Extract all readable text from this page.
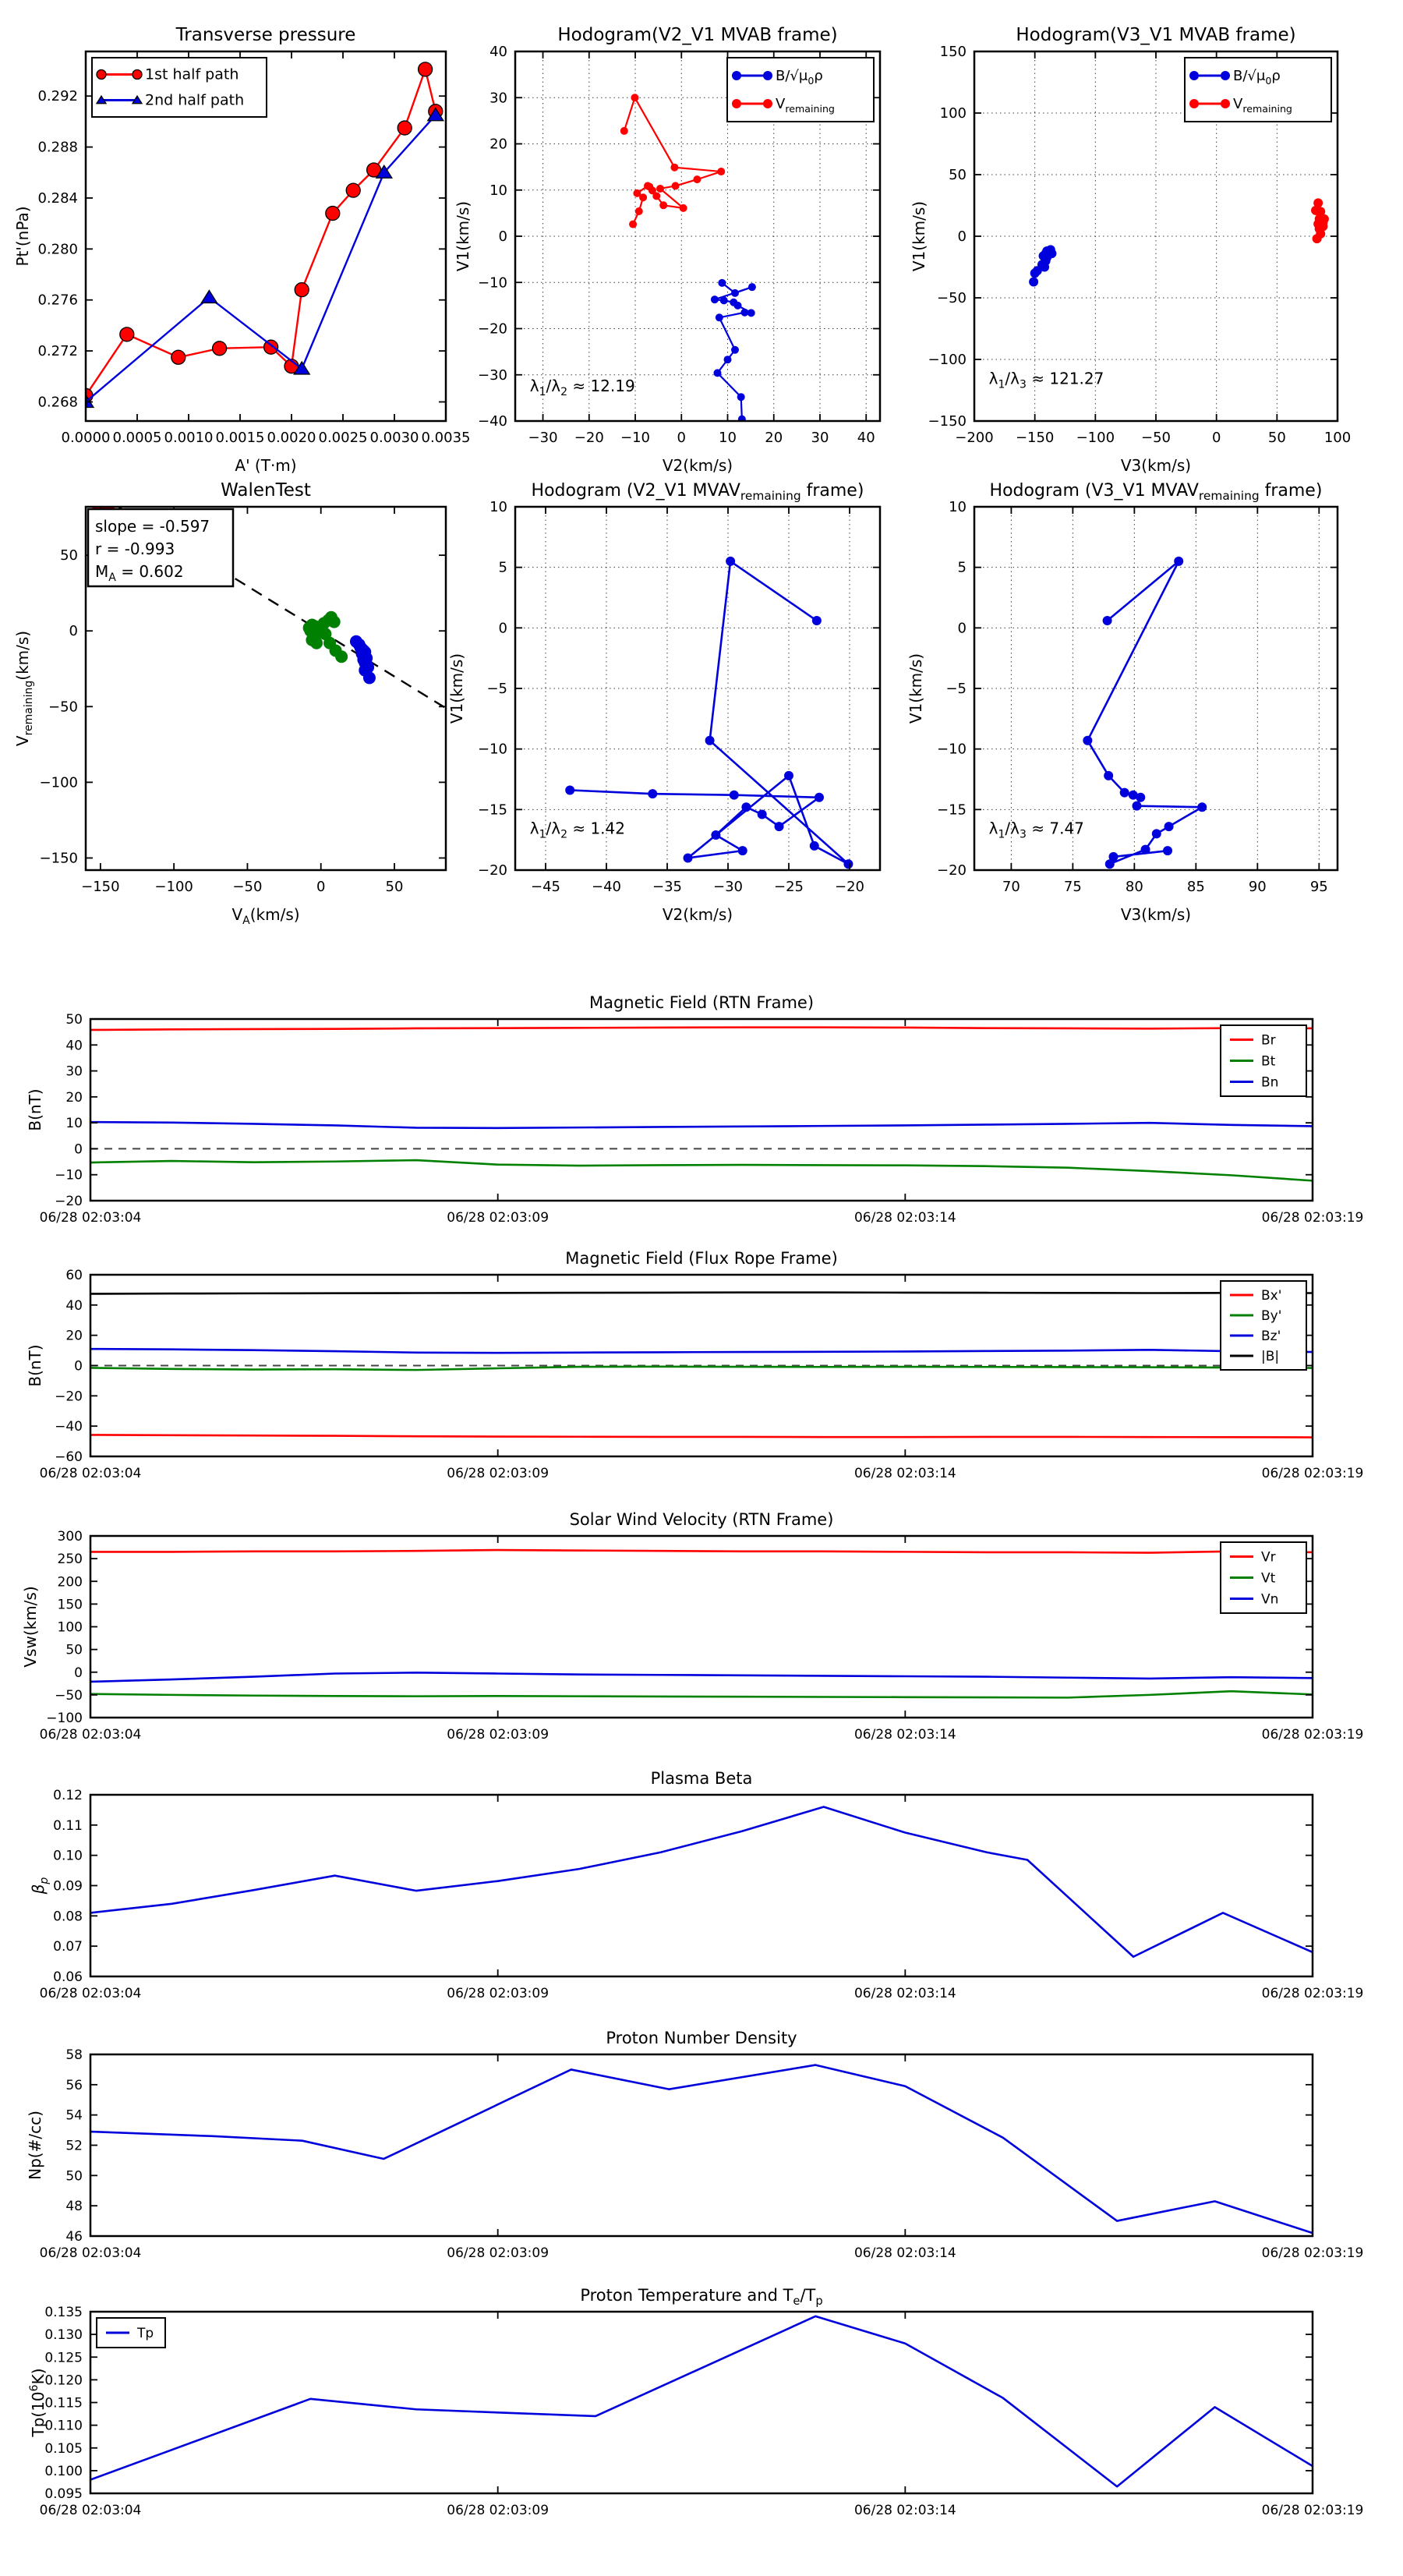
0.0000 0.0005 0.0010 0.0015 0.0020 0.0025 0.0030 0.0035
0.268
0.272
0.276
0.280
0.284
0.288
0.292
Transverse pressure
A' (T·m)
Pt'(nPa)
1st half path
2nd half path
−30 −20 −10 0 10 20 30 40
−40
−30
−20
−10
0
10
20
30
40
Hodogram(V2_V1 MVAB frame)
V2(km/s)
V1(km/s)
$B/√\mu_0\rho$
$V_{remaining}$
$\lambda_1/\lambda_2 \approx 12.19$
−200 −150 −100 −50	0	50	100
−150
−100
−50
0
50
100
150
Hodogram(V3_V1 MVAB frame)
V3(km/s)
V1(km/s)
$B/√\mu_0\rho$
$V_{remaining}$
$\lambda_1/\lambda_3 \approx 121.27$
−150 −100	−50	0	50
−150
−100
−50
0
50
WalenTest
$V_A(km/s)$
$V_{remaining}(km/s)$
slope = -0.597
r = -0.993
$M_A = 0.602$
−45 −40 −35 −30 −25 −20
−20
−15
−10
−5
0
5
10
Hodogram (V2_V1 $MVAV_{remaining}$ frame)
V2(km/s)
V1(km/s)
$\lambda_1/\lambda_2 \approx 1.42$
70	75	80	85	90	95
−20
−15
−10
−5
0
5
10
Hodogram (V3_V1 $MVAV_{remaining}$ frame)
V3(km/s)
V1(km/s)
$\lambda_1/\lambda_3 \approx 7.47$
06/28 02:03:04	06/28 02:03:09	06/28 02:03:14	06/28 02:03:19
−20
−10
0
10
20
30
40
50
Magnetic Field (RTN Frame)
B(nT)
Br
Bt
Bn
06/28 02:03:04	06/28 02:03:09	06/28 02:03:14	06/28 02:03:19
−60
−40
−20
0
20
40
60
Magnetic Field (Flux Rope Frame)
B(nT)
Bx'
By'
Bz'
|B|
06/28 02:03:04	06/28 02:03:09	06/28 02:03:14	06/28 02:03:19
−100
−50
0
50
100
150
200
250
300
Solar Wind Velocity (RTN Frame)
Vsw(km/s)
Vr
Vt
Vn
06/28 02:03:04	06/28 02:03:09	06/28 02:03:14	06/28 02:03:19
0.06
0.07
0.08
0.09
0.10
0.11
0.12
Plasma Beta
$\beta_p$
06/28 02:03:04	06/28 02:03:09	06/28 02:03:14	06/28 02:03:19
46
48
50
52
54
56
58
Proton Number Density
Np(#/cc)
06/28 02:03:04	06/28 02:03:09	06/28 02:03:14	06/28 02:03:19
0.095
0.100
0.105
0.110
0.115
0.120
0.125
0.130
0.135
Proton Temperature and $T_e/T_p$
$Tp(10^6K)$
Tp
